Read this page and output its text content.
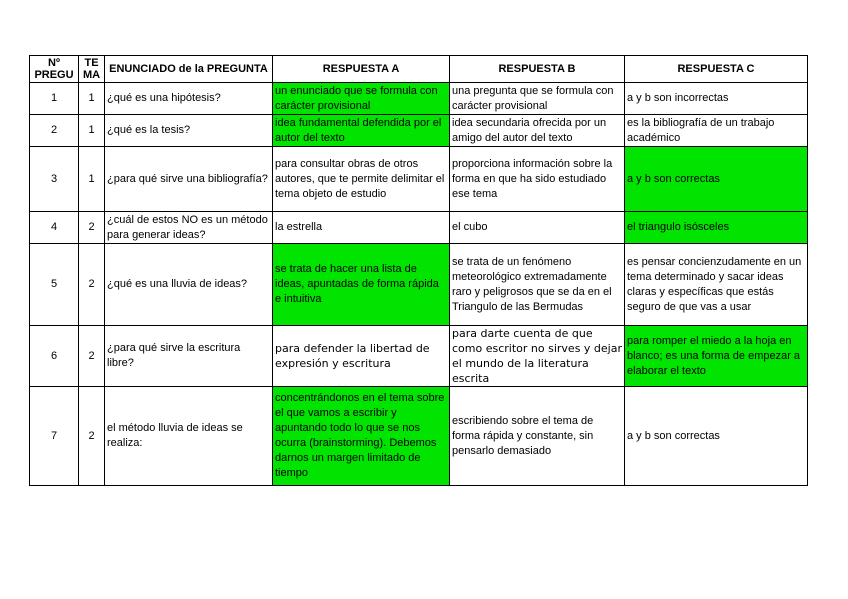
Nº PREGU	TE MA	ENUNCIADO de la PREGUNTA	RESPUESTA A	RESPUESTA B	RESPUESTA C
1	1	¿qué es una hipótesis?	un enunciado que se formula con carácter provisional	una pregunta que se formula con carácter provisional	a y b son incorrectas
2	1	¿qué es la tesis?	idea fundamental defendida por el autor del texto	idea secundaria ofrecida por un amigo del autor del texto	es la bibliografía de un trabajo académico
3	1	¿para qué sirve una bibliografía?	para consultar obras de otros autores, que te permite delimitar el tema objeto de estudio	proporciona información sobre la forma en que ha sido estudiado ese tema	a y b son correctas
4	2	¿cuál de estos NO es un método para generar ideas?	la estrella	el cubo	el triangulo isósceles
5	2	¿qué es una lluvia de ideas?	se trata de hacer una lista de ideas, apuntadas de forma rápida e intuitiva	se trata de un fenómeno meteorológico extremadamente raro y peligrosos que se da en el Triangulo de las Bermudas	es pensar concienzudamente en un tema determinado y sacar ideas claras y específicas que estás seguro de que vas a usar
6	2	¿para qué sirve la escritura libre?	para defender la libertad de expresión y escritura	para darte cuenta de que como escritor no sirves y dejar el mundo de la literatura escrita	para romper el miedo a la hoja en blanco; es una forma de empezar a elaborar el texto
7	2	el método lluvia de ideas se realiza:	concentrándonos en el tema sobre el que vamos a escribir y apuntando todo lo que se nos ocurra (brainstorming). Debemos darnos un margen limitado de tiempo	escribiendo sobre el tema de forma rápida y constante, sin pensarlo demasiado	a y b son correctas
